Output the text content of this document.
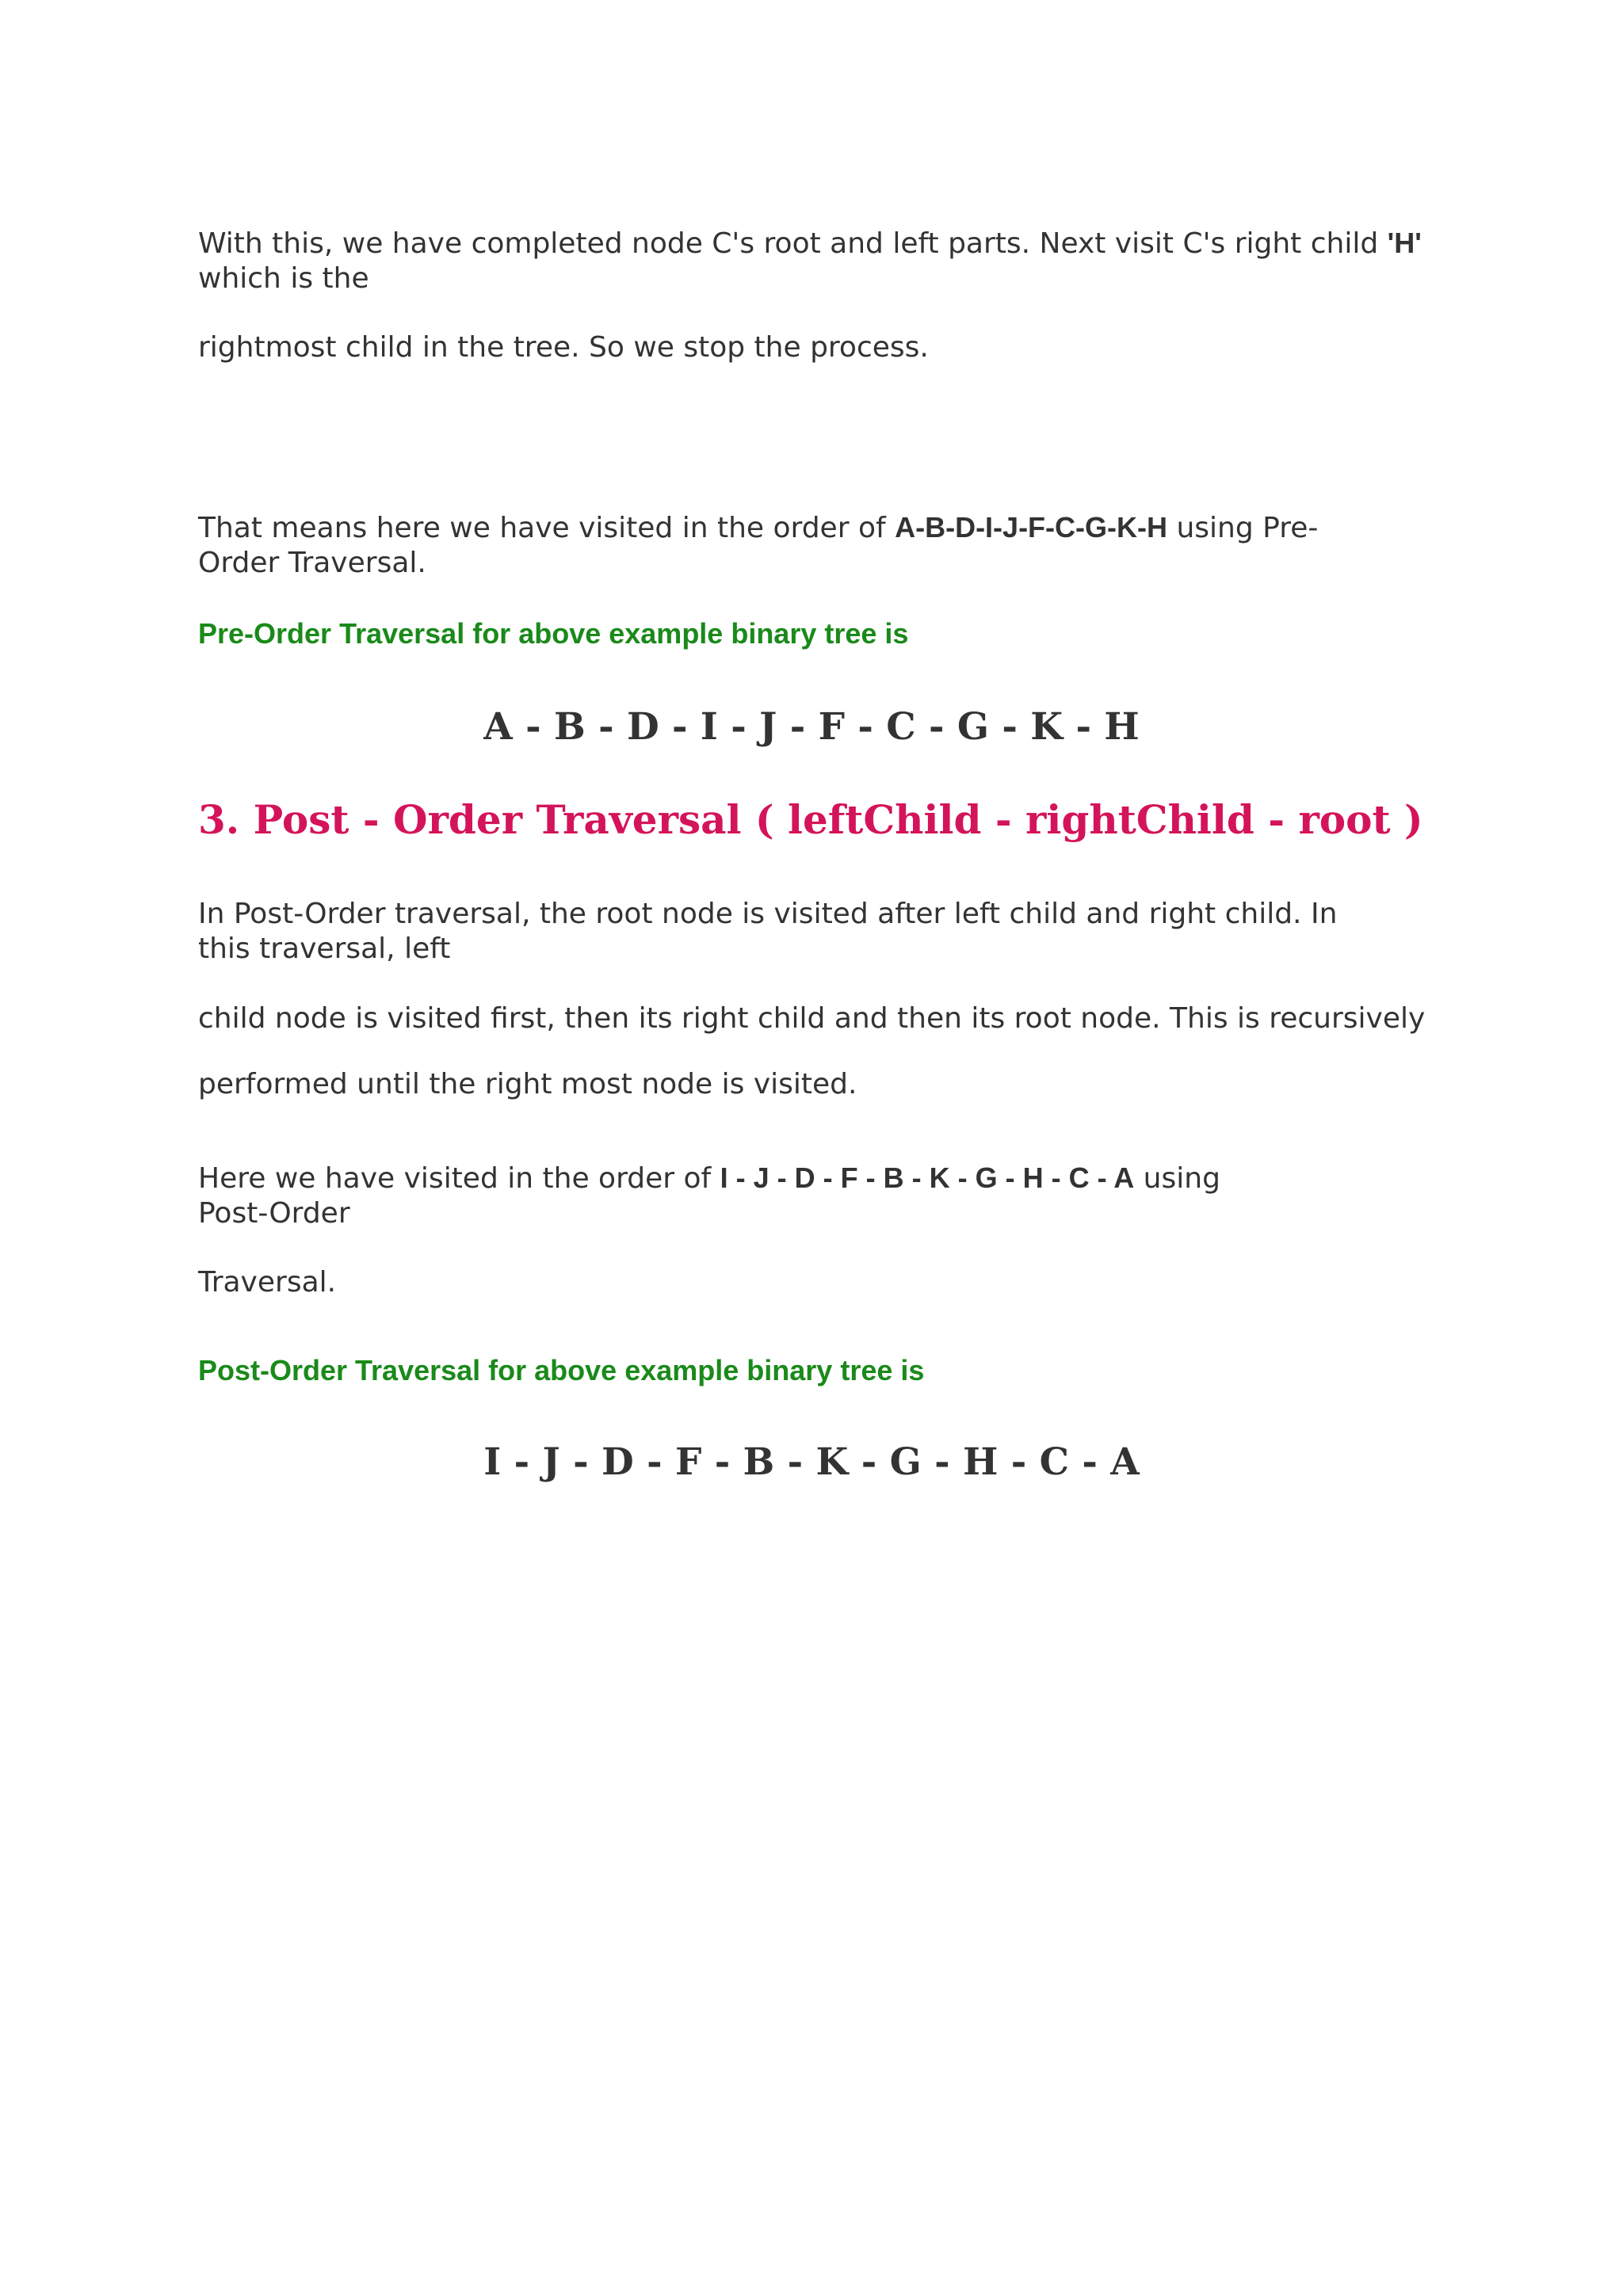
With this, we have completed node C's root and left parts. Next visit C's right child 'H' which is the

rightmost child in the tree. So we stop the process.

That means here we have visited in the order of A-B-D-I-J-F-C-G-K-H using Pre-Order Traversal.

Pre-Order Traversal for above example binary tree is

A - B - D - I - J - F - C - G - K - H

3. Post - Order Traversal ( leftChild - rightChild - root )

In Post-Order traversal, the root node is visited after left child and right child. In this traversal, left

child node is visited first, then its right child and then its root node. This is recursively

performed until the right most node is visited.

Here we have visited in the order of I - J - D - F - B - K - G - H - C - A using Post-Order

Traversal.

Post-Order Traversal for above example binary tree is

I - J - D - F - B - K - G - H - C - A
